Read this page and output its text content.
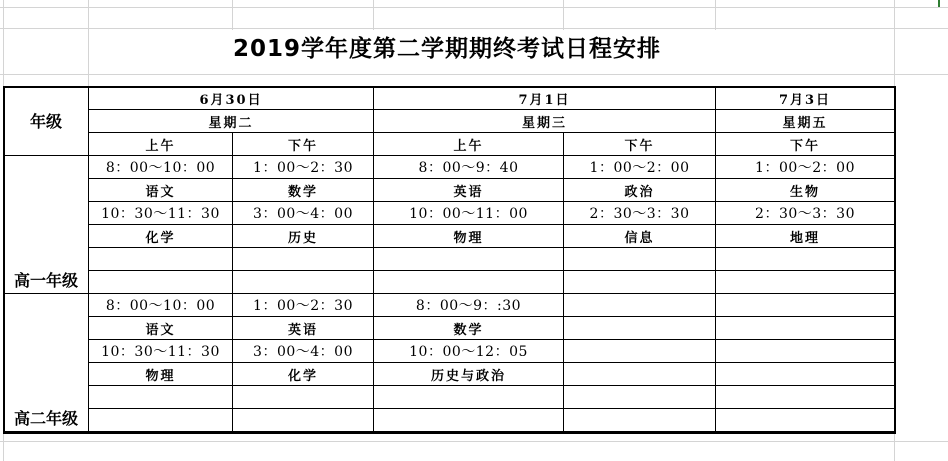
2019学年度第二学期期终考试日程安排
年级	6月30日		7月1日		7月3日
	星期二		星期三		星期五
	上午	下午	上午	下午	下午
高一年级	8：00～10：00	1：00～2：30	8：00～9：40	1：00～2：00	1：00～2：00
	语文	数学	英语	政治	生物
	10：30～11：30	3：00～4：00	10：00～11：00	2：30～3：30	2：30～3：30
	化学	历史	物理	信息	地理

高二年级	8：00～10：00	1：00～2：30	8：00～9：:30		
	语文	英语	数学		
	10：30～11：30	3：00～4：00	10：00～12：05		
	物理	化学	历史与政治		
